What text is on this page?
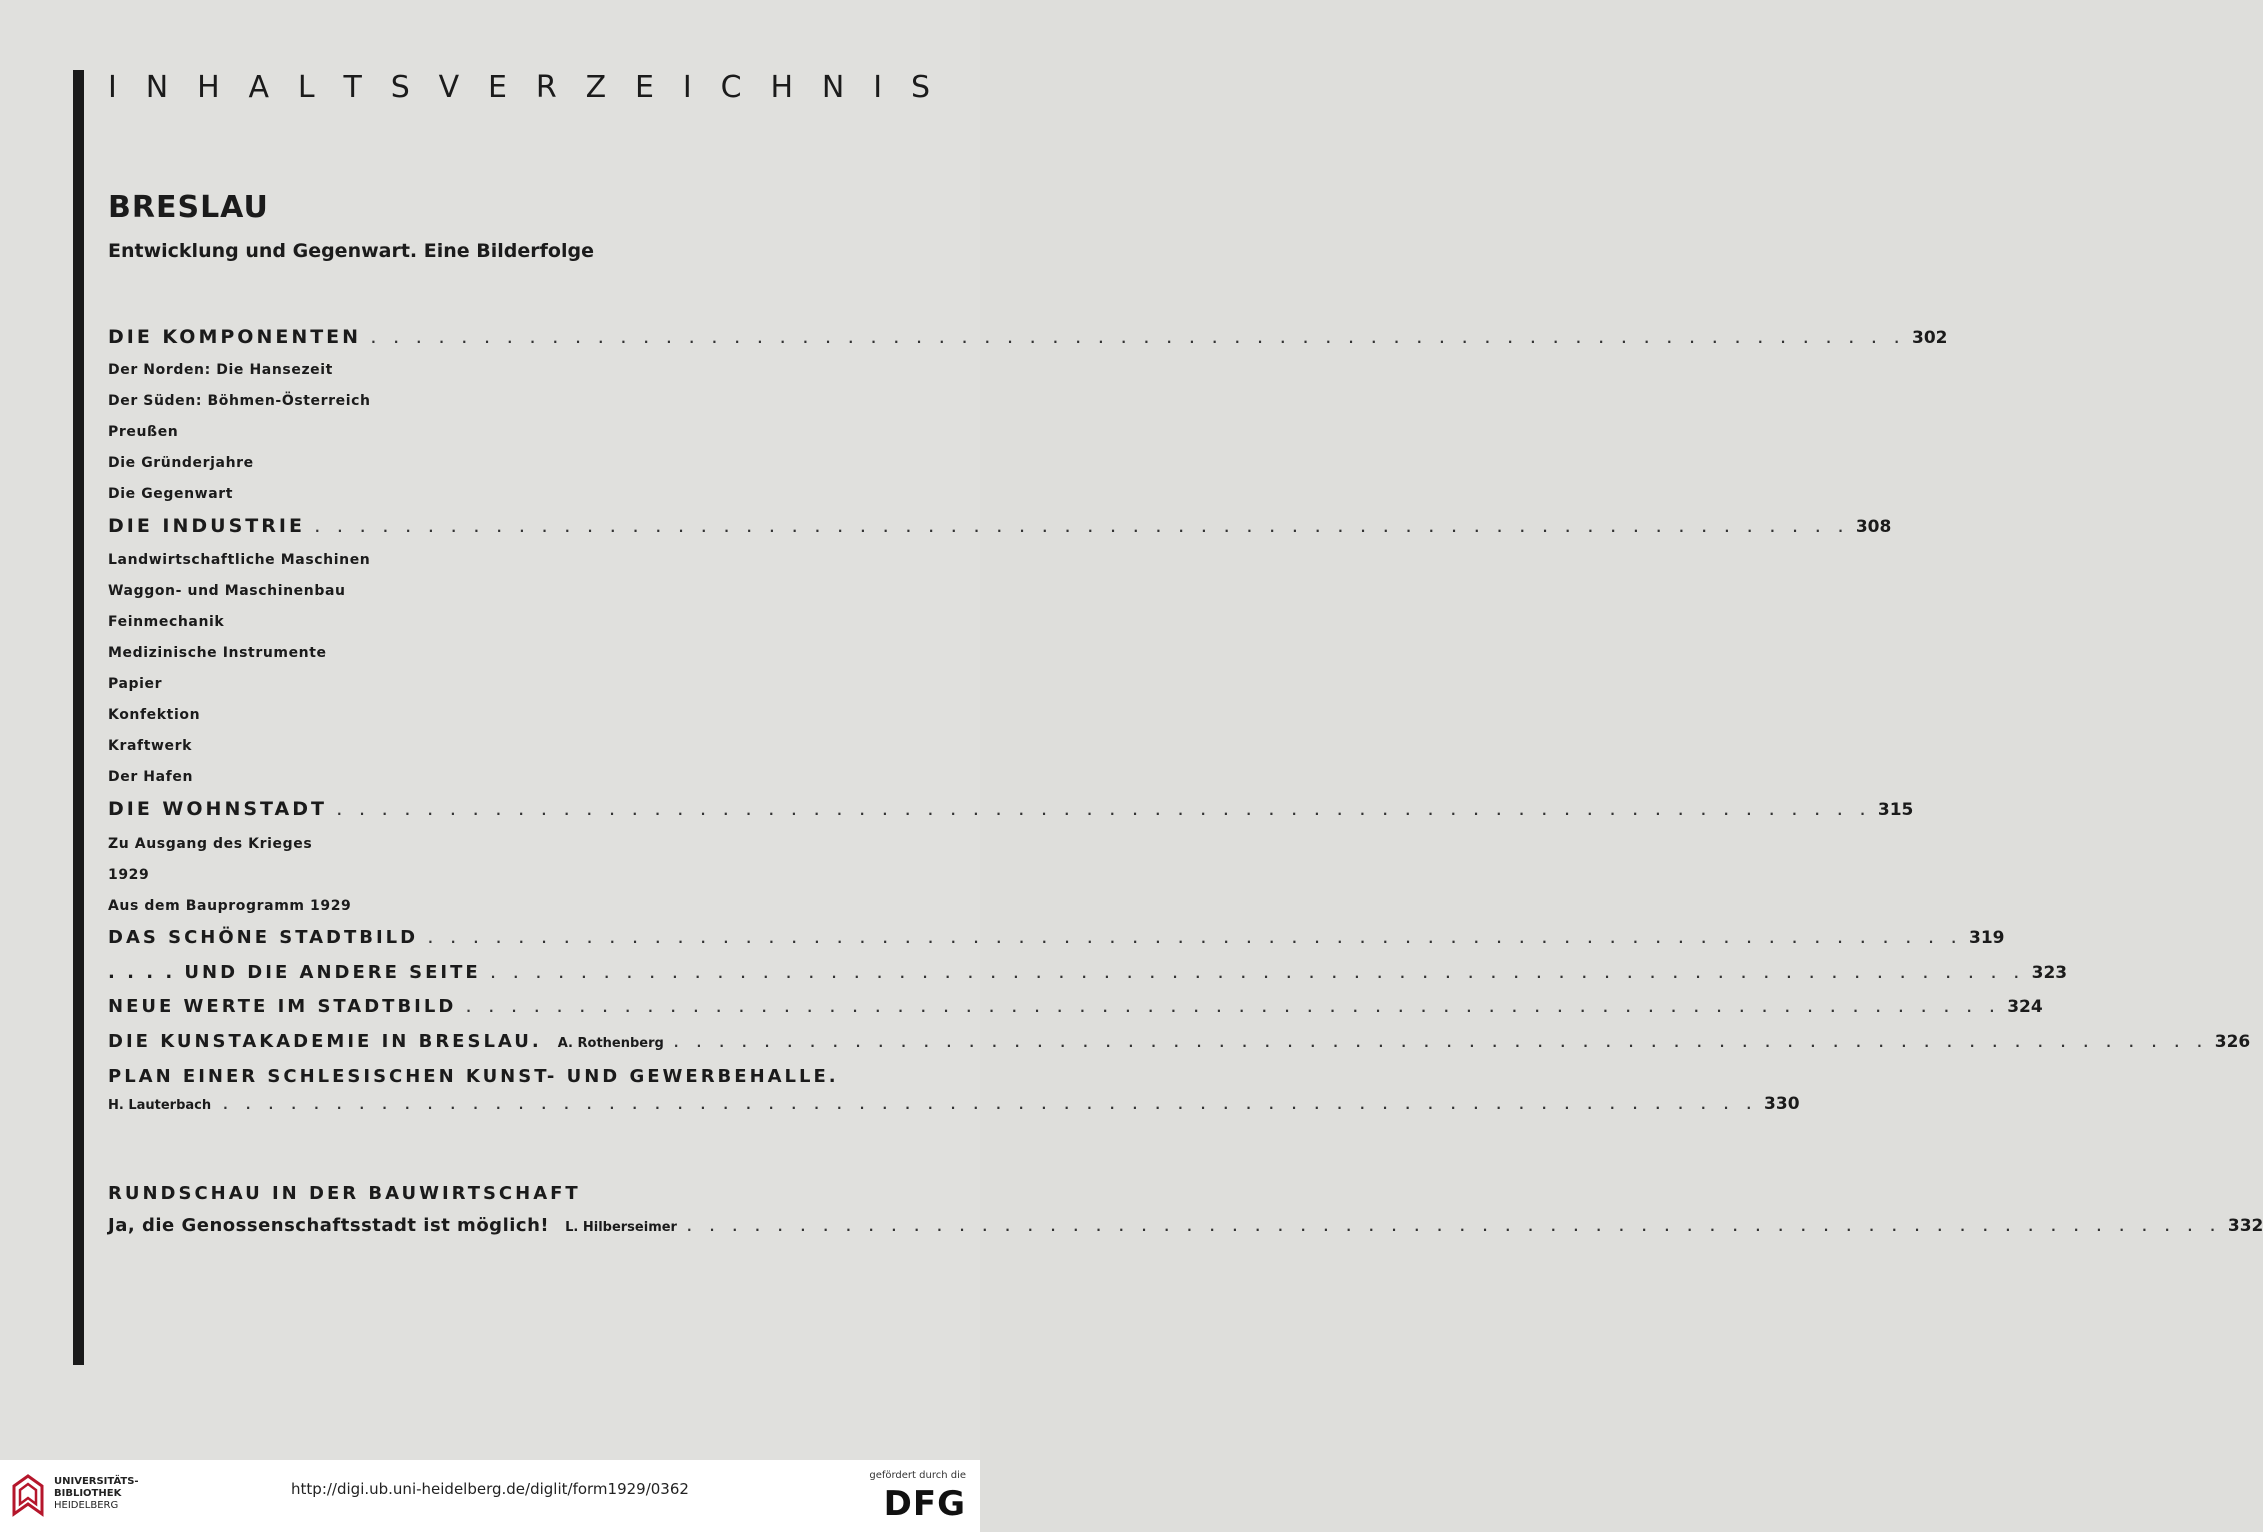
I N H A L T S V E R Z E I C H N I S
BRESLAU
Entwicklung und Gegenwart. Eine Bilderfolge
DIE KOMPONENTEN . . . . . . . . . . . . . . . . . . . . . . . . . . . . . . . . . . . . . . . . . . . . . . . . . . . . . . . . . . . . . . . . . . . . 302
Der Norden: Die Hansezeit
Der Süden: Böhmen-Österreich
Preußen
Die Gründerjahre
Die Gegenwart
DIE INDUSTRIE . . . . . . . . . . . . . . . . . . . . . . . . . . . . . . . . . . . . . . . . . . . . . . . . . . . . . . . . . . . . . . . . . . . . 308
Landwirtschaftliche Maschinen
Waggon- und Maschinenbau
Feinmechanik
Medizinische Instrumente
Papier
Konfektion
Kraftwerk
Der Hafen
DIE WOHNSTADT . . . . . . . . . . . . . . . . . . . . . . . . . . . . . . . . . . . . . . . . . . . . . . . . . . . . . . . . . . . . . . . . . . . . 315
Zu Ausgang des Krieges
1929
Aus dem Bauprogramm 1929
DAS SCHÖNE STADTBILD . . . . . . . . . . . . . . . . . . . . . . . . . . . . . . . . . . . . . . . . . . . . . . . . . . . . . . . . . . . . . . . . . . . . 319
. . . . UND DIE ANDERE SEITE . . . . . . . . . . . . . . . . . . . . . . . . . . . . . . . . . . . . . . . . . . . . . . . . . . . . . . . . . . . . . . . . . . . . 323
NEUE WERTE IM STADTBILD . . . . . . . . . . . . . . . . . . . . . . . . . . . . . . . . . . . . . . . . . . . . . . . . . . . . . . . . . . . . . . . . . . . . 324
DIE KUNSTAKADEMIE IN BRESLAU. A. Rothenberg . . . . . . . . . . . . . . . . . . . . . . . . . . . . . . . . . . . . . . . . . . . . . . . . . . . . . . . . . . . . . . . . . . . . 326
PLAN EINER SCHLESISCHEN KUNST- UND GEWERBEHALLE.
H. Lauterbach . . . . . . . . . . . . . . . . . . . . . . . . . . . . . . . . . . . . . . . . . . . . . . . . . . . . . . . . . . . . . . . . . . . . 330
RUNDSCHAU IN DER BAUWIRTSCHAFT
Ja, die Genossenschaftsstadt ist möglich! L. Hilberseimer . . . . . . . . . . . . . . . . . . . . . . . . . . . . . . . . . . . . . . . . . . . . . . . . . . . . . . . . . . . . . . . . . . . . 332
UNIVERSITÄTS-
BIBLIOTHEK
HEIDELBERG
http://digi.ub.uni-heidelberg.de/diglit/form1929/0362
gefördert durch die
DFG
